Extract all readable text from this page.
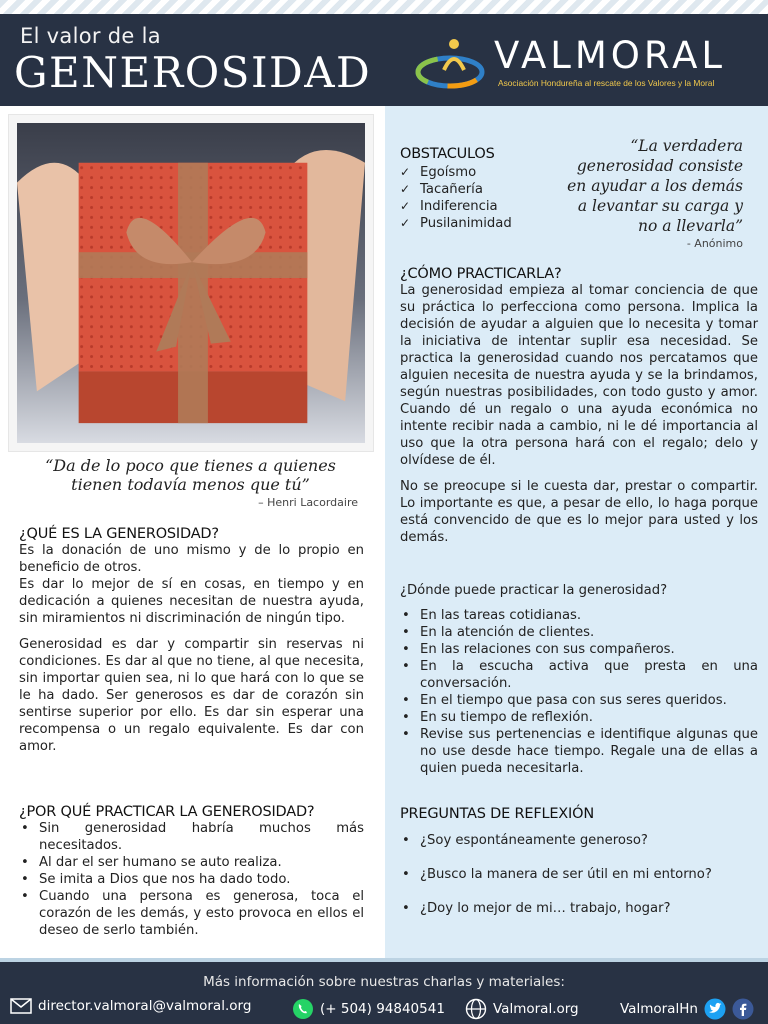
El valor de la
GENEROSIDAD	VALMORAL
Asociación Hondureña al rescate de los Valores y la Moral
“Da de lo poco que tienes a quienes tienen todavía menos que tú”
– Henri Lacordaire
¿QUÉ ES LA GENEROSIDAD?

Es la donación de uno mismo y de lo propio en beneficio de otros.

Es dar lo mejor de sí en cosas, en tiempo y en dedicación a quienes necesitan de nuestra ayuda, sin miramientos ni discriminación de ningún tipo.

Generosidad es dar y compartir sin reservas ni condiciones. Es dar al que no tiene, al que necesita, sin importar quien sea, ni lo que hará con lo que se le ha dado. Ser generosos es dar de corazón sin sentirse superior por ello. Es dar sin esperar una recompensa o un regalo equivalente. Es dar con amor.

¿POR QUÉ PRACTICAR LA GENEROSIDAD?
• Sin generosidad habría muchos más necesitados.
• Al dar el ser humano se auto realiza.
• Se imita a Dios que nos ha dado todo.
• Cuando una persona es generosa, toca el corazón de les demás, y esto provoca en ellos el deseo de serlo también.
OBSTACULOS
✓ Egoísmo
✓ Tacañería
✓ Indiferencia
✓ Pusilanimidad
“La verdadera generosidad consiste en ayudar a los demás a levantar su carga y no a llevarla”
- Anónimo
¿CÓMO PRACTICARLA?

La generosidad empieza al tomar conciencia de que su práctica lo perfecciona como persona. Implica la decisión de ayudar a alguien que lo necesita y tomar la iniciativa de intentar suplir esa necesidad. Se practica la generosidad cuando nos percatamos que alguien necesita de nuestra ayuda y se la brindamos, según nuestras posibilidades, con todo gusto y amor. Cuando dé un regalo o una ayuda económica no intente recibir nada a cambio, ni le dé importancia al uso que la otra persona hará con el regalo; delo y olvídese de él.

No se preocupe si le cuesta dar, prestar o compartir. Lo importante es que, a pesar de ello, lo haga porque está convencido de que es lo mejor para usted y los demás.

¿Dónde puede practicar la generosidad?
• En las tareas cotidianas.
• En la atención de clientes.
• En las relaciones con sus compañeros.
• En la escucha activa que presta en una conversación.
• En el tiempo que pasa con sus seres queridos.
• En su tiempo de reflexión.
• Revise sus pertenencias e identifique algunas que no use desde hace tiempo. Regale una de ellas a quien pueda necesitarla.
PREGUNTAS DE REFLEXIÓN
• ¿Soy espontáneamente generoso?
• ¿Busco la manera de ser útil en mi entorno?
• ¿Doy lo mejor de mi… trabajo, hogar?
Más información sobre nuestras charlas y materiales:
director.valmoral@valmoral.org	(+ 504) 94840541	Valmoral.org	ValmoralHn
